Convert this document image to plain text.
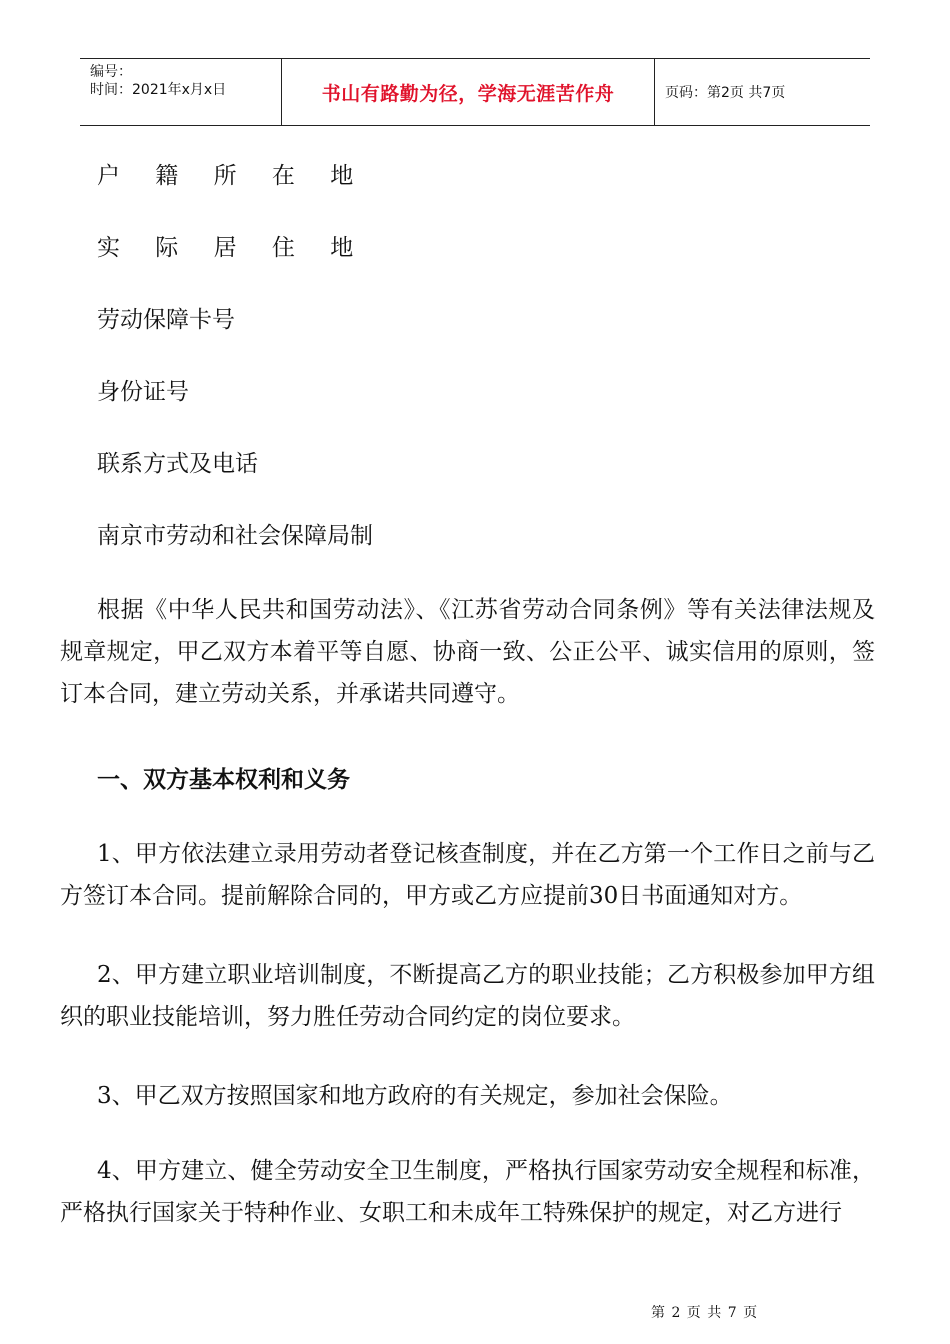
编号：
时间：2021年x月x日	书山有路勤为径，学海无涯苦作舟	页码：第2页 共7页
户 籍 所 在 地
实 际 居 住 地
劳动保障卡号
身份证号
联系方式及电话
南京市劳动和社会保障局制
根据《中华人民共和国劳动法》、《江苏省劳动合同条例》等有关法律法规及规章规定，甲乙双方本着平等自愿、协商一致、公正公平、诚实信用的原则，签订本合同，建立劳动关系，并承诺共同遵守。
一、双方基本权利和义务
1、甲方依法建立录用劳动者登记核查制度，并在乙方第一个工作日之前与乙方签订本合同。提前解除合同的，甲方或乙方应提前30日书面通知对方。
2、甲方建立职业培训制度，不断提高乙方的职业技能；乙方积极参加甲方组织的职业技能培训，努力胜任劳动合同约定的岗位要求。
3、甲乙双方按照国家和地方政府的有关规定，参加社会保险。
4、甲方建立、健全劳动安全卫生制度，严格执行国家劳动安全规程和标准，严格执行国家关于特种作业、女职工和未成年工特殊保护的规定，对乙方进行
第 2 页 共 7 页
